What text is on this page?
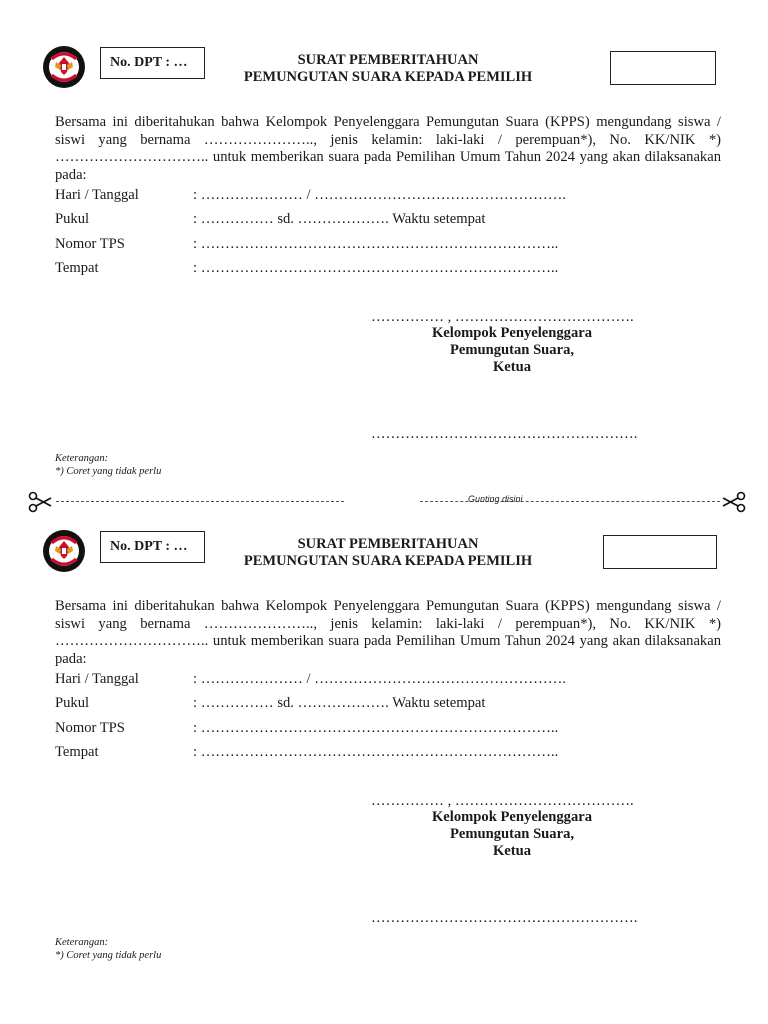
No. DPT : …	SURAT PEMBERITAHUAN
PEMUNGUTAN SUARA KEPADA PEMILIH
Bersama ini diberitahukan bahwa Kelompok Penyelenggara Pemungutan Suara (KPPS) mengundang siswa / siswi yang bernama ………………….., jenis kelamin: laki-laki / perempuan*), No. KK/NIK *) ………………………….. untuk memberikan suara pada Pemilihan Umum Tahun 2024 yang akan dilaksanakan pada:
Hari / Tanggal	: ………………… / …………………………………………….
Pukul	: …………… sd. ………………. Waktu setempat
Nomor TPS	: ………………………………………………………………..
Tempat	: ………………………………………………………………..
…………… , ……………………………….
Kelompok Penyelenggara
Pemungutan Suara,
Ketua
……………………………………………….
Keterangan:
*) Coret yang tidak perlu
Gunting disini
No. DPT : …	SURAT PEMBERITAHUAN
PEMUNGUTAN SUARA KEPADA PEMILIH
Bersama ini diberitahukan bahwa Kelompok Penyelenggara Pemungutan Suara (KPPS) mengundang siswa / siswi yang bernama ………………….., jenis kelamin: laki-laki / perempuan*), No. KK/NIK *) ………………………….. untuk memberikan suara pada Pemilihan Umum Tahun 2024 yang akan dilaksanakan pada:
Hari / Tanggal	: ………………… / …………………………………………….
Pukul	: …………… sd. ………………. Waktu setempat
Nomor TPS	: ………………………………………………………………..
Tempat	: ………………………………………………………………..
…………… , ……………………………….
Kelompok Penyelenggara
Pemungutan Suara,
Ketua
……………………………………………….
Keterangan:
*) Coret yang tidak perlu
